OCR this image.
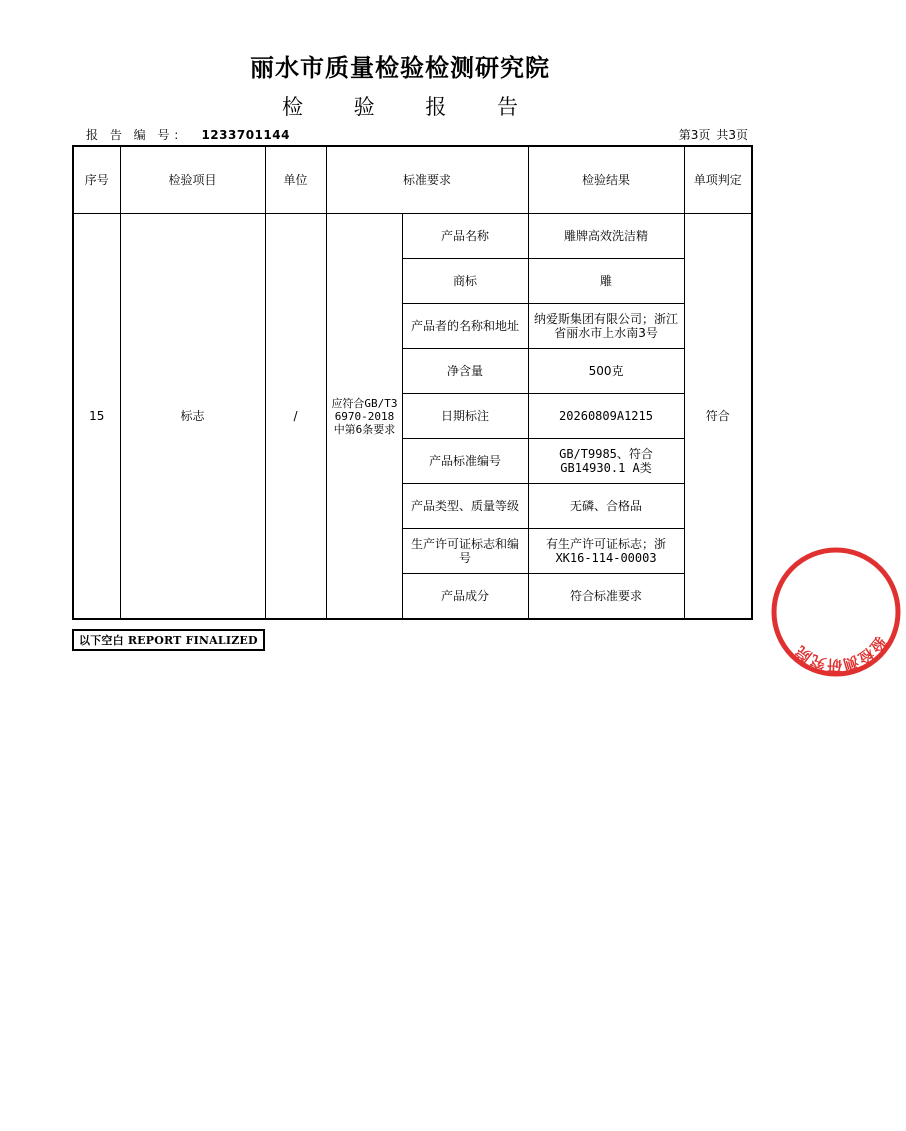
丽水市质量检验检测研究院
检 验 报 告
报 告 编 号： 1233701144	第3页 共3页
序号	检验项目	单位	标准要求		检验结果	单项判定
15	标志	/	应符合GB/T36970-2018中第6条要求	产品名称	雕牌高效洗洁精	符合
				商标	雕	
				产品者的名称和地址	纳爱斯集团有限公司；浙江省丽水市上水南3号	
				净含量	500克	
				日期标注	20260809A1215	
				产品标准编号	GB/T9985、符合GB14930.1 A类	
				产品类型、质量等级	无磷、合格品	
				生产许可证标志和编号	有生产许可证标志；浙XK16-114-00003	
				产品成分	符合标准要求	
以下空白 REPORT FINALIZED	验检测研究院
